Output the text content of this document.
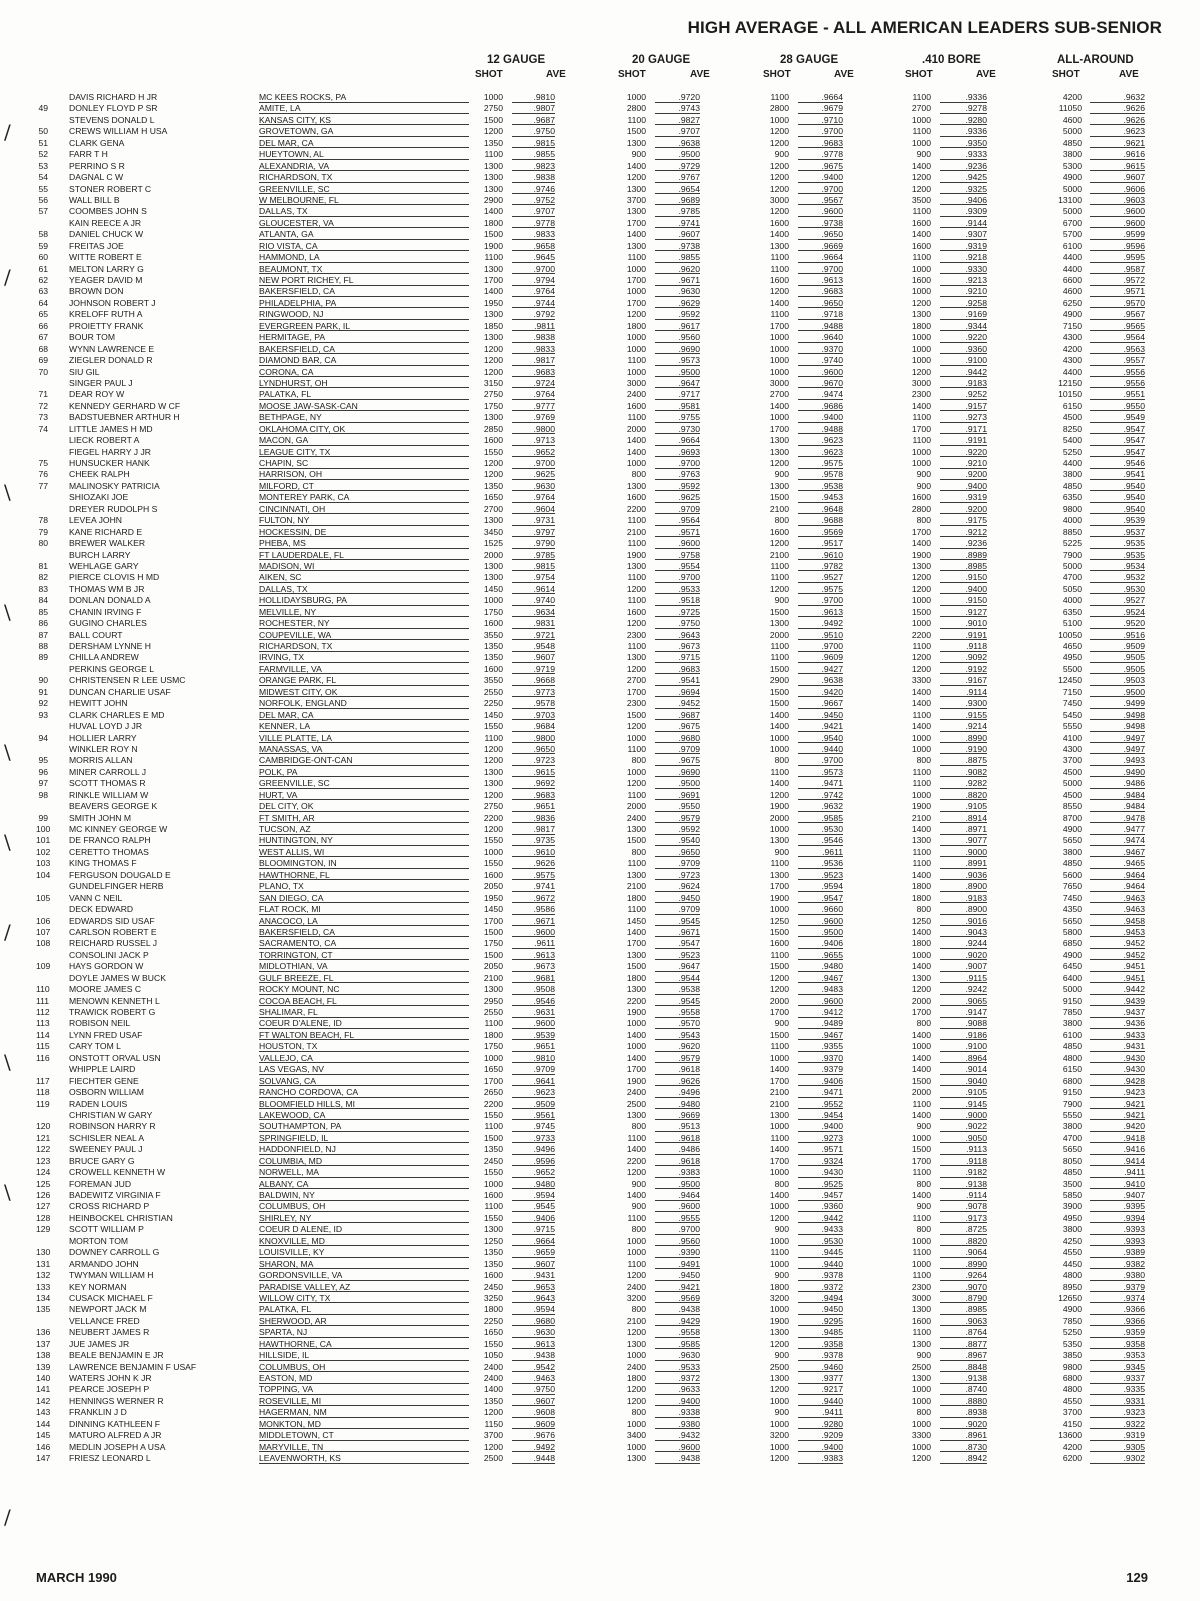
HIGH AVERAGE - ALL AMERICAN LEADERS SUB-SENIOR
12 GAUGE	20 GAUGE	28 GAUGE	.410 BORE	ALL-AROUND
SHOT	AVE	SHOT	AVE	SHOT	AVE	SHOT	AVE	SHOT	AVE
DAVIS RICHARD H JR	MC KEES ROCKS, PA	1000	.9810	1000	.9720	1100	.9664	1100	.9336	4200	.9632
49 DONLEY FLOYD P SR	AMITE, LA	2750	.9807	2800	.9743	2800	.9679	2700	.9278	11050	.9626
STEVENS DONALD L	KANSAS CITY, KS	1500	.9687	1100	.9827	1000	.9710	1000	.9280	4600	.9626
50 CREWS WILLIAM H USA	GROVETOWN, GA	1200	.9750	1500	.9707	1200	.9700	1100	.9336	5000	.9623
51 CLARK GENA	DEL MAR, CA	1350	.9815	1300	.9638	1200	.9683	1000	.9350	4850	.9621
52 FARR T H	HUEYTOWN, AL	1100	.9855	900	.9500	900	.9778	900	.9333	3800	.9616
53 PERRINO S R	ALEXANDRIA, VA	1300	.9823	1400	.9729	1200	.9675	1400	.9236	5300	.9615
54 DAGNAL C W	RICHARDSON, TX	1300	.9838	1200	.9767	1200	.9400	1200	.9425	4900	.9607
55 STONER ROBERT C	GREENVILLE, SC	1300	.9746	1300	.9654	1200	.9700	1200	.9325	5000	.9606
56 WALL BILL B	W MELBOURNE, FL	2900	.9752	3700	.9689	3000	.9567	3500	.9406	13100	.9603
57 COOMBES JOHN S	DALLAS, TX	1400	.9707	1300	.9785	1200	.9600	1100	.9309	5000	.9600
KAIN REECE A JR	GLOUCESTER, VA	1800	.9778	1700	.9741	1600	.9738	1600	.9144	6700	.9600
58 DANIEL CHUCK W	ATLANTA, GA	1500	.9833	1400	.9607	1400	.9650	1400	.9307	5700	.9599
59 FREITAS JOE	RIO VISTA, CA	1900	.9658	1300	.9738	1300	.9669	1600	.9319	6100	.9596
60 WITTE ROBERT E	HAMMOND, LA	1100	.9645	1100	.9855	1100	.9664	1100	.9218	4400	.9595
61 MELTON LARRY G	BEAUMONT, TX	1300	.9700	1000	.9620	1100	.9700	1000	.9330	4400	.9587
62 YEAGER DAVID M	NEW PORT RICHEY, FL	1700	.9794	1700	.9671	1600	.9613	1600	.9213	6600	.9572
63 BROWN DON	BAKERSFIELD, CA	1400	.9764	1000	.9630	1200	.9683	1000	.9210	4600	.9571
64 JOHNSON ROBERT J	PHILADELPHIA, PA	1950	.9744	1700	.9629	1400	.9650	1200	.9258	6250	.9570
65 KRELOFF RUTH A	RINGWOOD, NJ	1300	.9792	1200	.9592	1100	.9718	1300	.9169	4900	.9567
66 PROIETTY FRANK	EVERGREEN PARK, IL	1850	.9811	1800	.9617	1700	.9488	1800	.9344	7150	.9565
67 BOUR TOM	HERMITAGE, PA	1300	.9838	1000	.9560	1000	.9640	1000	.9220	4300	.9564
68 WYNN LAWRENCE E	BAKERSFIELD, CA	1200	.9833	1000	.9690	1000	.9370	1000	.9360	4200	.9563
69 ZIEGLER DONALD R	DIAMOND BAR, CA	1200	.9817	1100	.9573	1000	.9740	1000	.9100	4300	.9557
70 SIU GIL	CORONA, CA	1200	.9683	1000	.9500	1000	.9600	1200	.9442	4400	.9556
SINGER PAUL J	LYNDHURST, OH	3150	.9724	3000	.9647	3000	.9670	3000	.9183	12150	.9556
71 DEAR ROY W	PALATKA, FL	2750	.9764	2400	.9717	2700	.9474	2300	.9252	10150	.9551
72 KENNEDY GERHARD W CF	MOOSE JAW-SASK-CAN	1750	.9777	1600	.9581	1400	.9686	1400	.9157	6150	.9550
73 BADSTUEBNER ARTHUR H	BETHPAGE, NY	1300	.9769	1100	.9755	1000	.9400	1100	.9273	4500	.9549
74 LITTLE JAMES H MD	OKLAHOMA CITY, OK	2850	.9800	2000	.9730	1700	.9488	1700	.9171	8250	.9547
LIECK ROBERT A	MACON, GA	1600	.9713	1400	.9664	1300	.9623	1100	.9191	5400	.9547
FIEGEL HARRY J JR	LEAGUE CITY, TX	1550	.9652	1400	.9693	1300	.9623	1000	.9220	5250	.9547
75 HUNSUCKER HANK	CHAPIN, SC	1200	.9700	1000	.9700	1200	.9575	1000	.9210	4400	.9546
76 CHEEK RALPH	HARRISON, OH	1200	.9625	800	.9763	900	.9578	900	.9200	3800	.9541
77 MALINOSKY PATRICIA	MILFORD, CT	1350	.9630	1300	.9592	1300	.9538	900	.9400	4850	.9540
SHIOZAKI JOE	MONTEREY PARK, CA	1650	.9764	1600	.9625	1500	.9453	1600	.9319	6350	.9540
DREYER RUDOLPH S	CINCINNATI, OH	2700	.9604	2200	.9709	2100	.9648	2800	.9200	9800	.9540
78 LEVEA JOHN	FULTON, NY	1300	.9731	1100	.9564	800	.9688	800	.9175	4000	.9539
79 KANE RICHARD E	HOCKESSIN, DE	3450	.9797	2100	.9571	1600	.9569	1700	.9212	8850	.9537
80 BREWER WALKER	PHEBA, MS	1525	.9790	1100	.9600	1200	.9517	1400	.9236	5225	.9535
BURCH LARRY	FT LAUDERDALE, FL	2000	.9785	1900	.9758	2100	.9610	1900	.8989	7900	.9535
81 WEHLAGE GARY	MADISON, WI	1300	.9815	1300	.9554	1100	.9782	1300	.8985	5000	.9534
82 PIERCE CLOVIS H MD	AIKEN, SC	1300	.9754	1100	.9700	1100	.9527	1200	.9150	4700	.9532
83 THOMAS WM B JR	DALLAS, TX	1450	.9614	1200	.9533	1200	.9575	1200	.9400	5050	.9530
84 DONLAN DONALD A	HOLLIDAYSBURG, PA	1000	.9740	1100	.9518	900	.9700	1000	.9150	4000	.9527
85 CHANIN IRVING F	MELVILLE, NY	1750	.9634	1600	.9725	1500	.9613	1500	.9127	6350	.9524
86 GUGINO CHARLES	ROCHESTER, NY	1600	.9831	1200	.9750	1300	.9492	1000	.9010	5100	.9520
87 BALL COURT	COUPEVILLE, WA	3550	.9721	2300	.9643	2000	.9510	2200	.9191	10050	.9516
88 DERSHAM LYNNE H	RICHARDSON, TX	1350	.9548	1100	.9673	1100	.9700	1100	.9118	4650	.9509
89 CHILLA ANDREW	IRVING, TX	1350	.9607	1300	.9715	1100	.9609	1200	.9092	4950	.9505
PERKINS GEORGE L	FARMVILLE, VA	1600	.9719	1200	.9683	1500	.9427	1200	.9192	5500	.9505
90 CHRISTENSEN R LEE USMC	ORANGE PARK, FL	3550	.9668	2700	.9541	2900	.9638	3300	.9167	12450	.9503
91 DUNCAN CHARLIE USAF	MIDWEST CITY, OK	2550	.9773	1700	.9694	1500	.9420	1400	.9114	7150	.9500
92 HEWITT JOHN	NORFOLK, ENGLAND	2250	.9578	2300	.9452	1500	.9667	1400	.9300	7450	.9499
93 CLARK CHARLES E MD	DEL MAR, CA	1450	.9703	1500	.9687	1400	.9450	1100	.9155	5450	.9498
HUVAL LOYD J JR	KENNER, LA	1550	.9684	1200	.9675	1400	.9421	1400	.9214	5550	.9498
94 HOLLIER LARRY	VILLE PLATTE, LA	1100	.9800	1000	.9680	1000	.9540	1000	.8990	4100	.9497
WINKLER ROY N	MANASSAS, VA	1200	.9650	1100	.9709	1000	.9440	1000	.9190	4300	.9497
95 MORRIS ALLAN	CAMBRIDGE-ONT-CAN	1200	.9723	800	.9675	800	.9700	800	.8875	3700	.9493
96 MINER CARROLL J	POLK, PA	1300	.9615	1000	.9690	1100	.9573	1100	.9082	4500	.9490
97 SCOTT THOMAS R	GREENVILLE, SC	1300	.9692	1200	.9500	1400	.9471	1100	.9282	5000	.9486
98 RINKLE WILLIAM W	HURT, VA	1200	.9683	1100	.9691	1200	.9742	1000	.8820	4500	.9484
BEAVERS GEORGE K	DEL CITY, OK	2750	.9651	2000	.9550	1900	.9632	1900	.9105	8550	.9484
99 SMITH JOHN M	FT SMITH, AR	2200	.9836	2400	.9579	2000	.9585	2100	.8914	8700	.9478
100 MC KINNEY GEORGE W	TUCSON, AZ	1200	.9817	1300	.9592	1000	.9530	1400	.8971	4900	.9477
101 DE FRANCO RALPH	HUNTINGTON, NY	1550	.9735	1500	.9540	1300	.9546	1300	.9077	5650	.9474
102 CERETTO THOMAS	WEST ALLIS, WI	1000	.9610	800	.9650	900	.9611	1100	.9000	3800	.9467
103 KING THOMAS F	BLOOMINGTON, IN	1550	.9626	1100	.9709	1100	.9536	1100	.8991	4850	.9465
104 FERGUSON DOUGALD E	HAWTHORNE, FL	1600	.9575	1300	.9723	1300	.9523	1400	.9036	5600	.9464
GUNDELFINGER HERB	PLANO, TX	2050	.9741	2100	.9624	1700	.9594	1800	.8900	7650	.9464
105 VANN C NEIL	SAN DIEGO, CA	1950	.9672	1800	.9450	1900	.9547	1800	.9183	7450	.9463
DECK EDWARD	FLAT ROCK, MI	1450	.9586	1100	.9709	1000	.9660	800	.8900	4350	.9463
106 EDWARDS SID USAF	ANACOCO, LA	1700	.9671	1450	.9545	1250	.9600	1250	.9016	5650	.9458
107 CARLSON ROBERT E	BAKERSFIELD, CA	1500	.9600	1400	.9671	1500	.9500	1400	.9043	5800	.9453
108 REICHARD RUSSEL J	SACRAMENTO, CA	1750	.9611	1700	.9547	1600	.9406	1800	.9244	6850	.9452
CONSOLINI JACK P	TORRINGTON, CT	1500	.9613	1300	.9523	1100	.9655	1000	.9020	4900	.9452
109 HAYS GORDON W	MIDLOTHIAN, VA	2050	.9673	1500	.9647	1500	.9480	1400	.9007	6450	.9451
DOYLE JAMES W BUCK	GULF BREEZE, FL	2100	.9681	1800	.9544	1200	.9467	1300	.9115	6400	.9451
110 MOORE JAMES C	ROCKY MOUNT, NC	1300	.9508	1300	.9538	1200	.9483	1200	.9242	5000	.9442
111 MENOWN KENNETH L	COCOA BEACH, FL	2950	.9546	2200	.9545	2000	.9600	2000	.9065	9150	.9439
112 TRAWICK ROBERT G	SHALIMAR, FL	2550	.9631	1900	.9558	1700	.9412	1700	.9147	7850	.9437
113 ROBISON NEIL	COEUR D'ALENE, ID	1100	.9600	1000	.9570	900	.9489	800	.9088	3800	.9436
114 LYNN FRED USAF	FT WALTON BEACH, FL	1800	.9539	1400	.9543	1500	.9467	1400	.9186	6100	.9433
115 CARY TOM L	HOUSTON, TX	1750	.9651	1000	.9620	1100	.9355	1000	.9100	4850	.9431
116 ONSTOTT ORVAL USN	VALLEJO, CA	1000	.9810	1400	.9579	1000	.9370	1400	.8964	4800	.9430
WHIPPLE LAIRD	LAS VEGAS, NV	1650	.9709	1700	.9618	1400	.9379	1400	.9014	6150	.9430
117 FIECHTER GENE	SOLVANG, CA	1700	.9641	1900	.9626	1700	.9406	1500	.9040	6800	.9428
118 OSBORN WILLIAM	RANCHO CORDOVA, CA	2650	.9623	2400	.9496	2100	.9471	2000	.9105	9150	.9423
119 RADEN LOUIS	BLOOMFIELD HILLS, MI	2200	.9509	2500	.9480	2100	.9552	1100	.9145	7900	.9421
CHRISTIAN W GARY	LAKEWOOD, CA	1550	.9561	1300	.9669	1300	.9454	1400	.9000	5550	.9421
120 ROBINSON HARRY R	SOUTHAMPTON, PA	1100	.9745	800	.9513	1000	.9400	900	.9022	3800	.9420
121 SCHISLER NEAL A	SPRINGFIELD, IL	1500	.9733	1100	.9618	1100	.9273	1000	.9050	4700	.9418
122 SWEENEY PAUL J	HADDONFIELD, NJ	1350	.9496	1400	.9486	1400	.9571	1500	.9113	5650	.9416
123 BRUCE GARY G	COLUMBIA, MD	2450	.9596	2200	.9618	1700	.9324	1700	.9118	8050	.9414
124 CROWELL KENNETH W	NORWELL, MA	1550	.9652	1200	.9383	1000	.9430	1100	.9182	4850	.9411
125 FOREMAN JUD	ALBANY, CA	1000	.9480	900	.9500	800	.9525	800	.9138	3500	.9410
126 BADEWITZ VIRGINIA F	BALDWIN, NY	1600	.9594	1400	.9464	1400	.9457	1400	.9114	5850	.9407
127 CROSS RICHARD P	COLUMBUS, OH	1100	.9545	900	.9600	1000	.9360	900	.9078	3900	.9395
128 HEINBOCKEL CHRISTIAN	SHIRLEY, NY	1550	.9406	1100	.9555	1200	.9442	1100	.9173	4950	.9394
129 SCOTT WILLIAM P	COEUR D ALENE, ID	1300	.9715	800	.9700	900	.9433	800	.8725	3800	.9393
MORTON TOM	KNOXVILLE, MD	1250	.9664	1000	.9560	1000	.9530	1000	.8820	4250	.9393
130 DOWNEY CARROLL G	LOUISVILLE, KY	1350	.9659	1000	.9390	1100	.9445	1100	.9064	4550	.9389
131 ARMANDO JOHN	SHARON, MA	1350	.9607	1100	.9491	1000	.9440	1000	.8990	4450	.9382
132 TWYMAN WILLIAM H	GORDONSVILLE, VA	1600	.9431	1200	.9450	900	.9378	1100	.9264	4800	.9380
133 KEY NORMAN	PARADISE VALLEY, AZ	2450	.9653	2400	.9421	1800	.9372	2300	.9070	8950	.9379
134 CUSACK MICHAEL F	WILLOW CITY, TX	3250	.9643	3200	.9569	3200	.9494	3000	.8790	12650	.9374
135 NEWPORT JACK M	PALATKA, FL	1800	.9594	800	.9438	1000	.9450	1300	.8985	4900	.9366
VELLANCE FRED	SHERWOOD, AR	2250	.9680	2100	.9429	1900	.9295	1600	.9063	7850	.9366
136 NEUBERT JAMES R	SPARTA, NJ	1650	.9630	1200	.9558	1300	.9485	1100	.8764	5250	.9359
137 JUE JAMES JR	HAWTHORNE, CA	1550	.9613	1300	.9585	1200	.9358	1300	.8877	5350	.9358
138 BEALE BENJAMIN E JR	HILLSIDE, IL	1050	.9438	1000	.9630	900	.9378	900	.8967	3850	.9353
139 LAWRENCE BENJAMIN F USAF	COLUMBUS, OH	2400	.9542	2400	.9533	2500	.9460	2500	.8848	9800	.9345
140 WATERS JOHN K JR	EASTON, MD	2400	.9463	1800	.9372	1300	.9377	1300	.9138	6800	.9337
141 PEARCE JOSEPH P	TOPPING, VA	1400	.9750	1200	.9633	1200	.9217	1000	.8740	4800	.9335
142 HENNINGS WERNER R	ROSEVILLE, MI	1350	.9607	1200	.9400	1000	.9440	1000	.8880	4550	.9331
143 FRANKLIN J D	HAGERMAN, NM	1200	.9608	800	.9338	900	.9411	800	.8938	3700	.9323
144 DINNING KATHLEEN F	MONKTON, MD	1150	.9609	1000	.9380	1000	.9280	1000	.9020	4150	.9322
145 MATURO ALFRED A JR	MIDDLETOWN, CT	3700	.9676	3400	.9432	3200	.9209	3300	.8961	13600	.9319
146 MEDLIN JOSEPH A USA	MARYVILLE, TN	1200	.9492	1000	.9600	1000	.9400	1000	.8730	4200	.9305
147 FRIESZ LEONARD L	LEAVENWORTH, KS	2500	.9448	1300	.9438	1200	.9383	1200	.8942	6200	.9302
/
/
\
\
\
\
/
\
\
/
MARCH 1990	129
